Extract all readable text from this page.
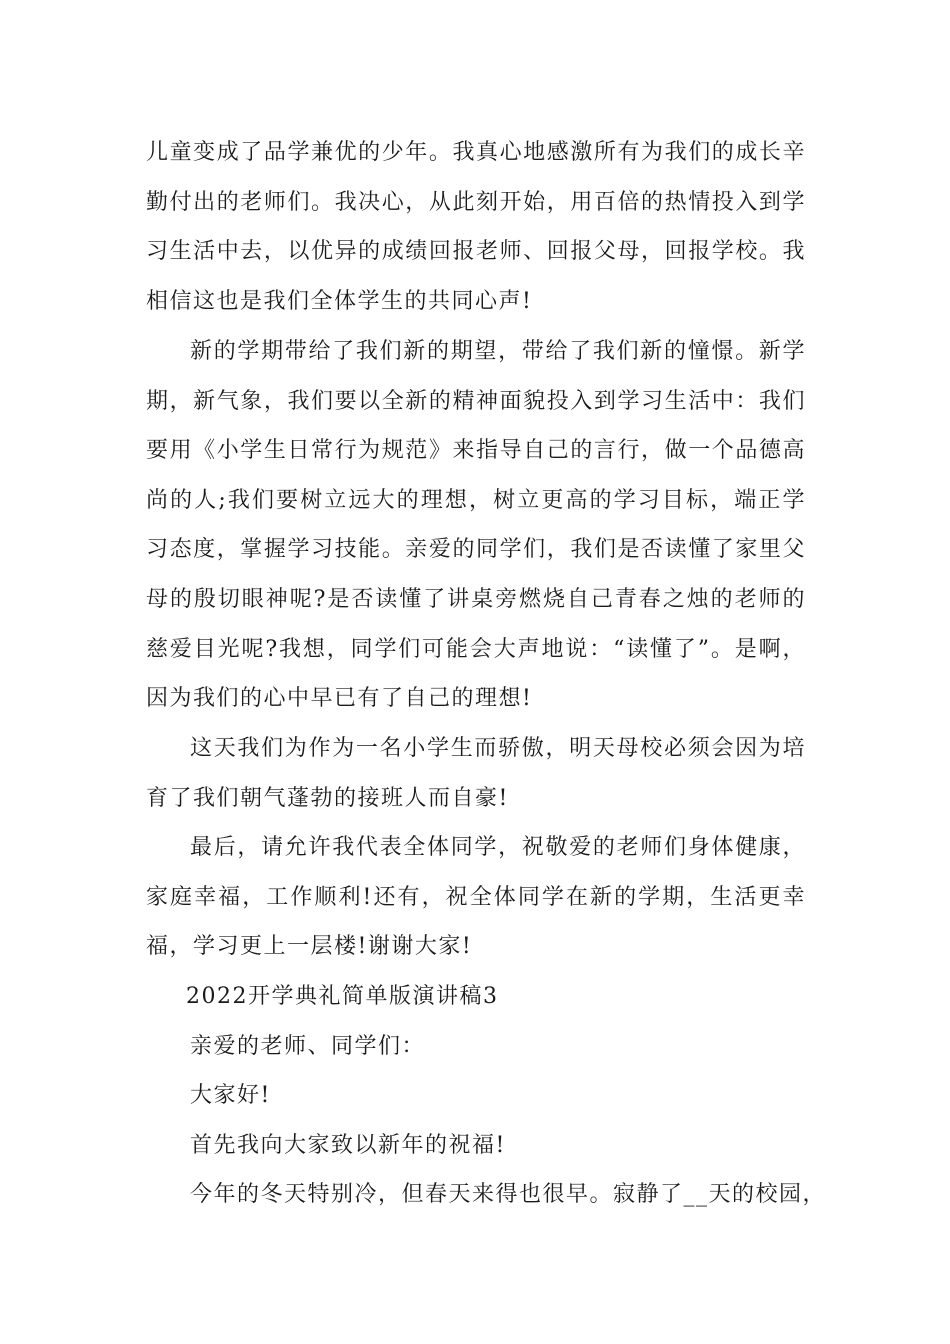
儿童变成了品学兼优的少年。我真心地感激所有为我们的成长辛勤付出的老师们。我决心，从此刻开始，用百倍的热情投入到学习生活中去，以优异的成绩回报老师、回报父母，回报学校。我相信这也是我们全体学生的共同心声!

新的学期带给了我们新的期望，带给了我们新的憧憬。新学期，新气象，我们要以全新的精神面貌投入到学习生活中：我们要用《小学生日常行为规范》来指导自己的言行，做一个品德高尚的人;我们要树立远大的理想，树立更高的学习目标，端正学习态度，掌握学习技能。亲爱的同学们，我们是否读懂了家里父母的殷切眼神呢?是否读懂了讲桌旁燃烧自己青春之烛的老师的慈爱目光呢?我想，同学们可能会大声地说：“读懂了”。是啊，因为我们的心中早已有了自己的理想!

这天我们为作为一名小学生而骄傲，明天母校必须会因为培育了我们朝气蓬勃的接班人而自豪!

最后，请允许我代表全体同学，祝敬爱的老师们身体健康，家庭幸福，工作顺利!还有，祝全体同学在新的学期，生活更幸福，学习更上一层楼!谢谢大家!

2022开学典礼简单版演讲稿3
亲爱的老师、同学们：
大家好!
首先我向大家致以新年的祝福!
今年的冬天特别冷，但春天来得也很早。寂静了__天的校园，
